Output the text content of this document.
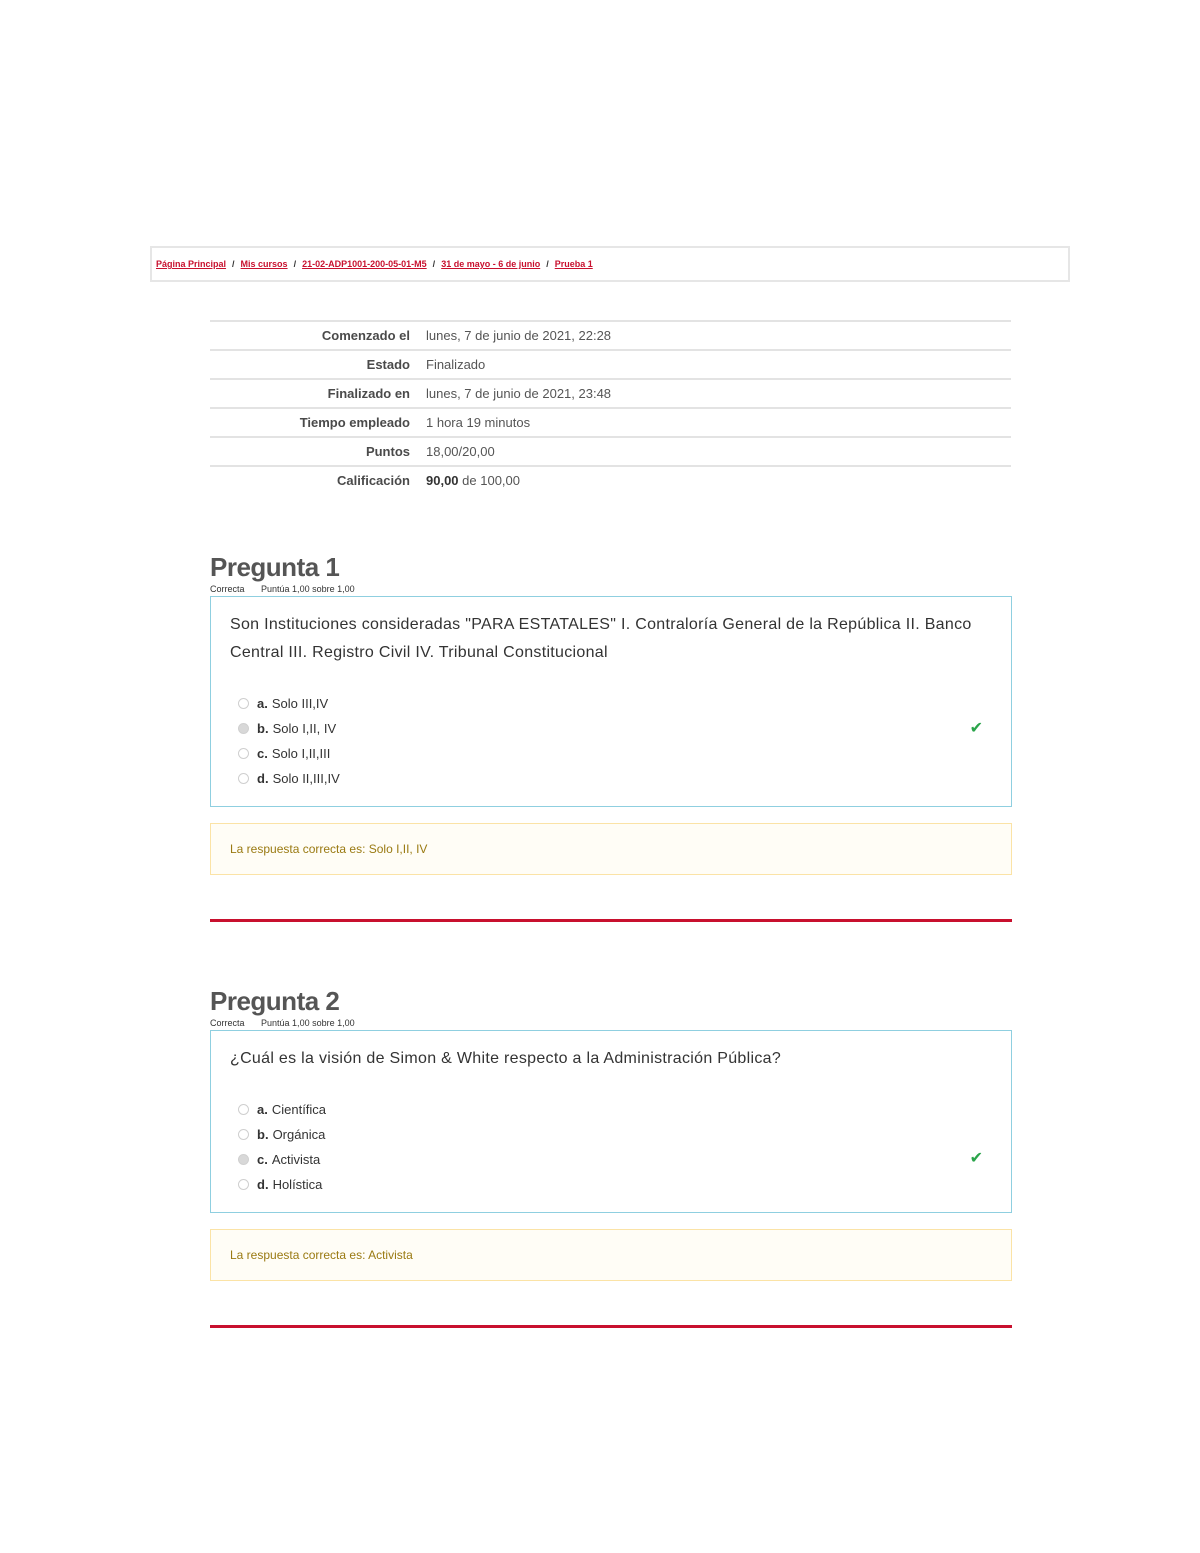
Página Principal / Mis cursos / 21-02-ADP1001-200-05-01-M5 / 31 de mayo - 6 de junio / Prueba 1
Comenzado el	lunes, 7 de junio de 2021, 22:28
Estado	Finalizado
Finalizado en	lunes, 7 de junio de 2021, 23:48
Tiempo empleado	1 hora 19 minutos
Puntos	18,00/20,00
Calificación	90,00 de 100,00
Pregunta 1
Correcta Puntúa 1,00 sobre 1,00
Son Instituciones consideradas "PARA ESTATALES" I. Contraloría General de la República II. Banco Central III. Registro Civil IV. Tribunal Constitucional
a. Solo III,IV
b. Solo I,II, IV
c. Solo I,II,III
d. Solo II,III,IV
✔
La respuesta correcta es: Solo I,II, IV
Pregunta 2
Correcta Puntúa 1,00 sobre 1,00
¿Cuál es la visión de Simon & White respecto a la Administración Pública?
a. Científica
b. Orgánica
c. Activista
d. Holística
✔
La respuesta correcta es: Activista
